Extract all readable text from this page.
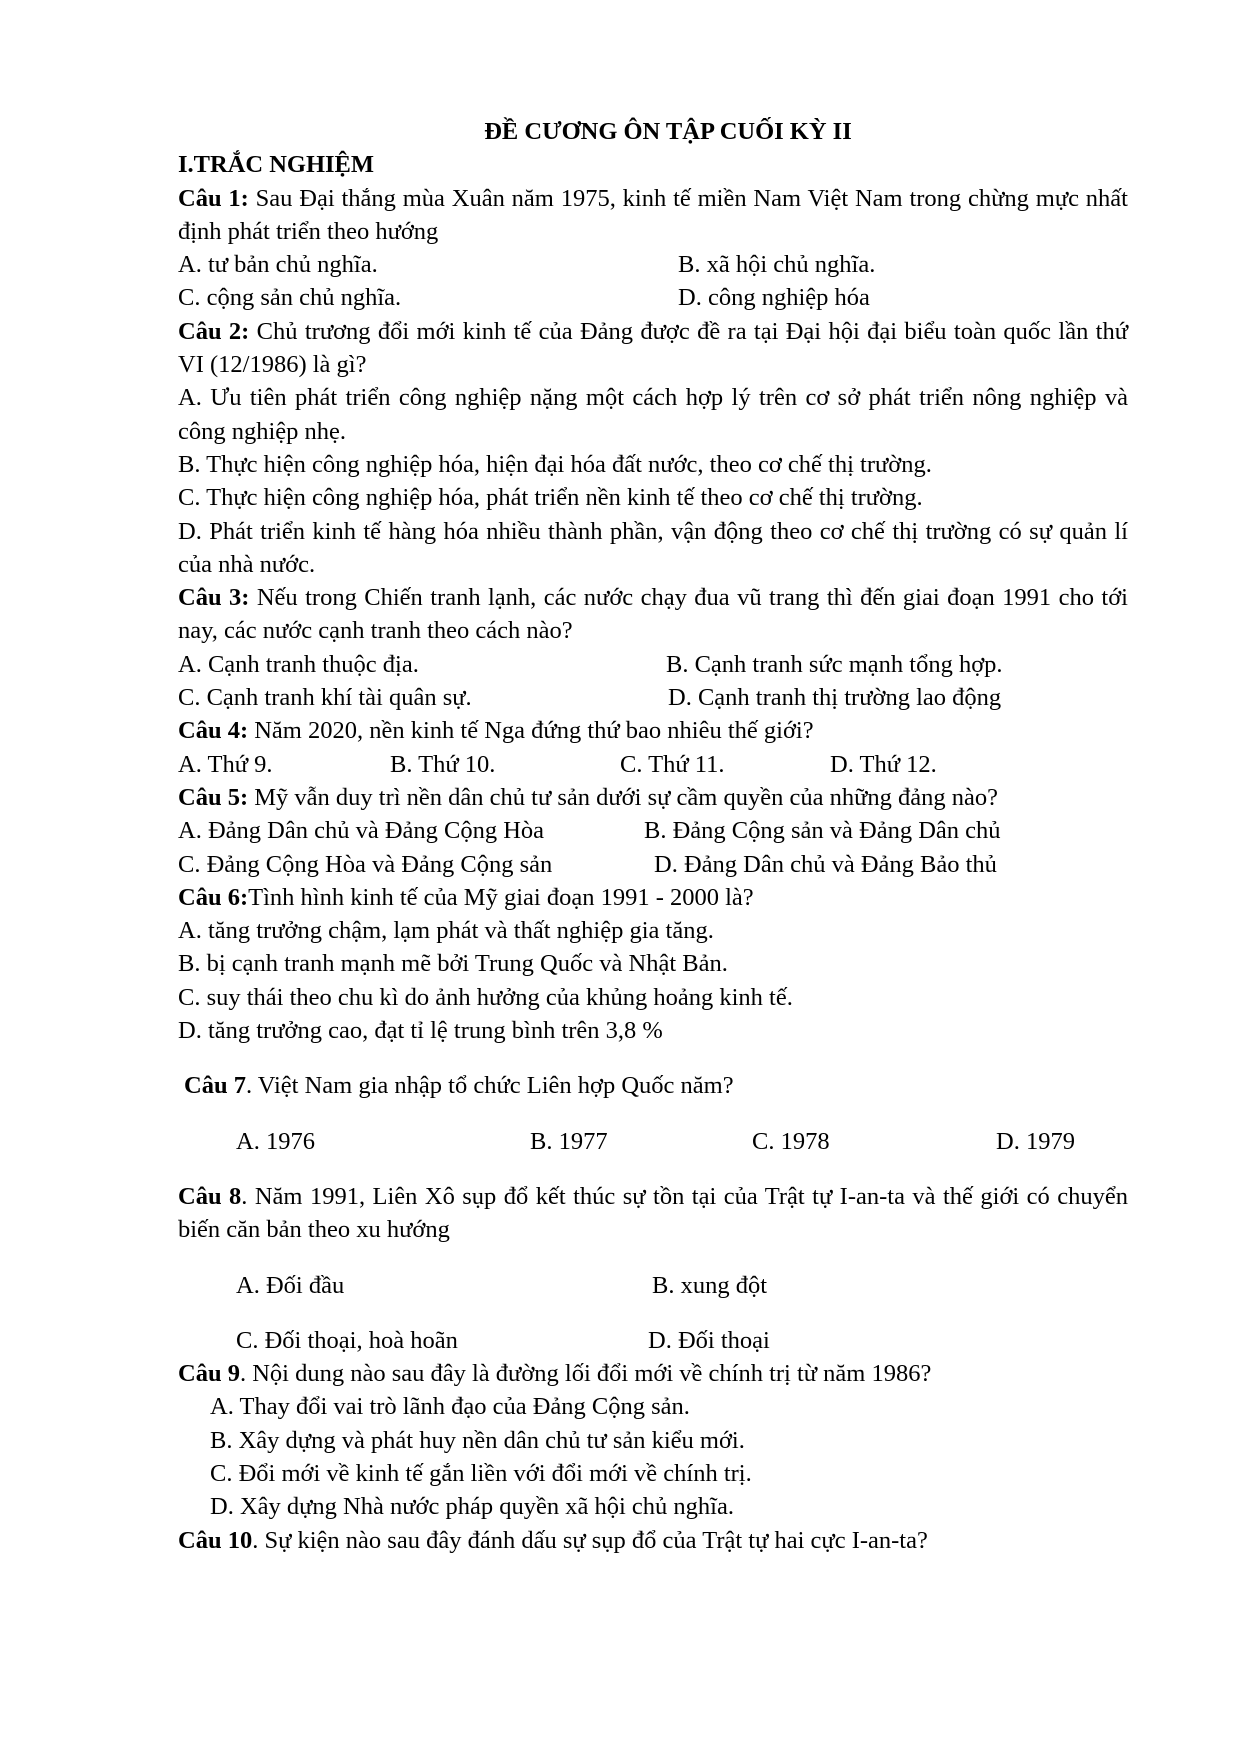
ĐỀ CƯƠNG ÔN TẬP CUỐI KỲ II

I.TRẮC NGHIỆM

Câu 1: Sau Đại thắng mùa Xuân năm 1975, kinh tế miền Nam Việt Nam trong chừng mực nhất định phát triển theo hướng

A. tư bản chủ nghĩa.	B. xã hội chủ nghĩa.
C. cộng sản chủ nghĩa.	D. công nghiệp hóa

Câu 2: Chủ trương đổi mới kinh tế của Đảng được đề ra tại Đại hội đại biểu toàn quốc lần thứ VI (12/1986) là gì?

A. Ưu tiên phát triển công nghiệp nặng một cách hợp lý trên cơ sở phát triển nông nghiệp và công nghiệp nhẹ.

B. Thực hiện công nghiệp hóa, hiện đại hóa đất nước, theo cơ chế thị trường.

C. Thực hiện công nghiệp hóa, phát triển nền kinh tế theo cơ chế thị trường.

D. Phát triển kinh tế hàng hóa nhiều thành phần, vận động theo cơ chế thị trường có sự quản lí của nhà nước.

Câu 3: Nếu trong Chiến tranh lạnh, các nước chạy đua vũ trang thì đến giai đoạn 1991 cho tới nay, các nước cạnh tranh theo cách nào?

A. Cạnh tranh thuộc địa.	B. Cạnh tranh sức mạnh tổng hợp.
C. Cạnh tranh khí tài quân sự.	D. Cạnh tranh thị trường lao động

Câu 4: Năm 2020, nền kinh tế Nga đứng thứ bao nhiêu thế giới?

A. Thứ 9.	B. Thứ 10.	C. Thứ 11.	D. Thứ 12.

Câu 5: Mỹ vẫn duy trì nền dân chủ tư sản dưới sự cầm quyền của những đảng nào?

A. Đảng Dân chủ và Đảng Cộng Hòa	B. Đảng Cộng sản và Đảng Dân chủ
C. Đảng Cộng Hòa và Đảng Cộng sản	D. Đảng Dân chủ và Đảng Bảo thủ

Câu 6:Tình hình kinh tế của Mỹ giai đoạn 1991 - 2000 là?

A. tăng trưởng chậm, lạm phát và thất nghiệp gia tăng.

B. bị cạnh tranh mạnh mẽ bởi Trung Quốc và Nhật Bản.

C. suy thái theo chu kì do ảnh hưởng của khủng hoảng kinh tế.

D. tăng trưởng cao, đạt tỉ lệ trung bình trên 3,8 %

Câu 7. Việt Nam gia nhập tổ chức Liên hợp Quốc năm?

A. 1976	B. 1977	C. 1978	D. 1979

Câu 8. Năm 1991, Liên Xô sụp đổ kết thúc sự tồn tại của Trật tự I-an-ta và thế giới có chuyển biến căn bản theo xu hướng

A. Đối đầu	B. xung đột
C. Đối thoại, hoà hoãn	D. Đối thoại

Câu 9. Nội dung nào sau đây là đường lối đổi mới về chính trị từ năm 1986?

A. Thay đổi vai trò lãnh đạo của Đảng Cộng sản.

B. Xây dựng và phát huy nền dân chủ tư sản kiểu mới.

C. Đổi mới về kinh tế gắn liền với đổi mới về chính trị.

D. Xây dựng Nhà nước pháp quyền xã hội chủ nghĩa.

Câu 10. Sự kiện nào sau đây đánh dấu sự sụp đổ của Trật tự hai cực I-an-ta?
